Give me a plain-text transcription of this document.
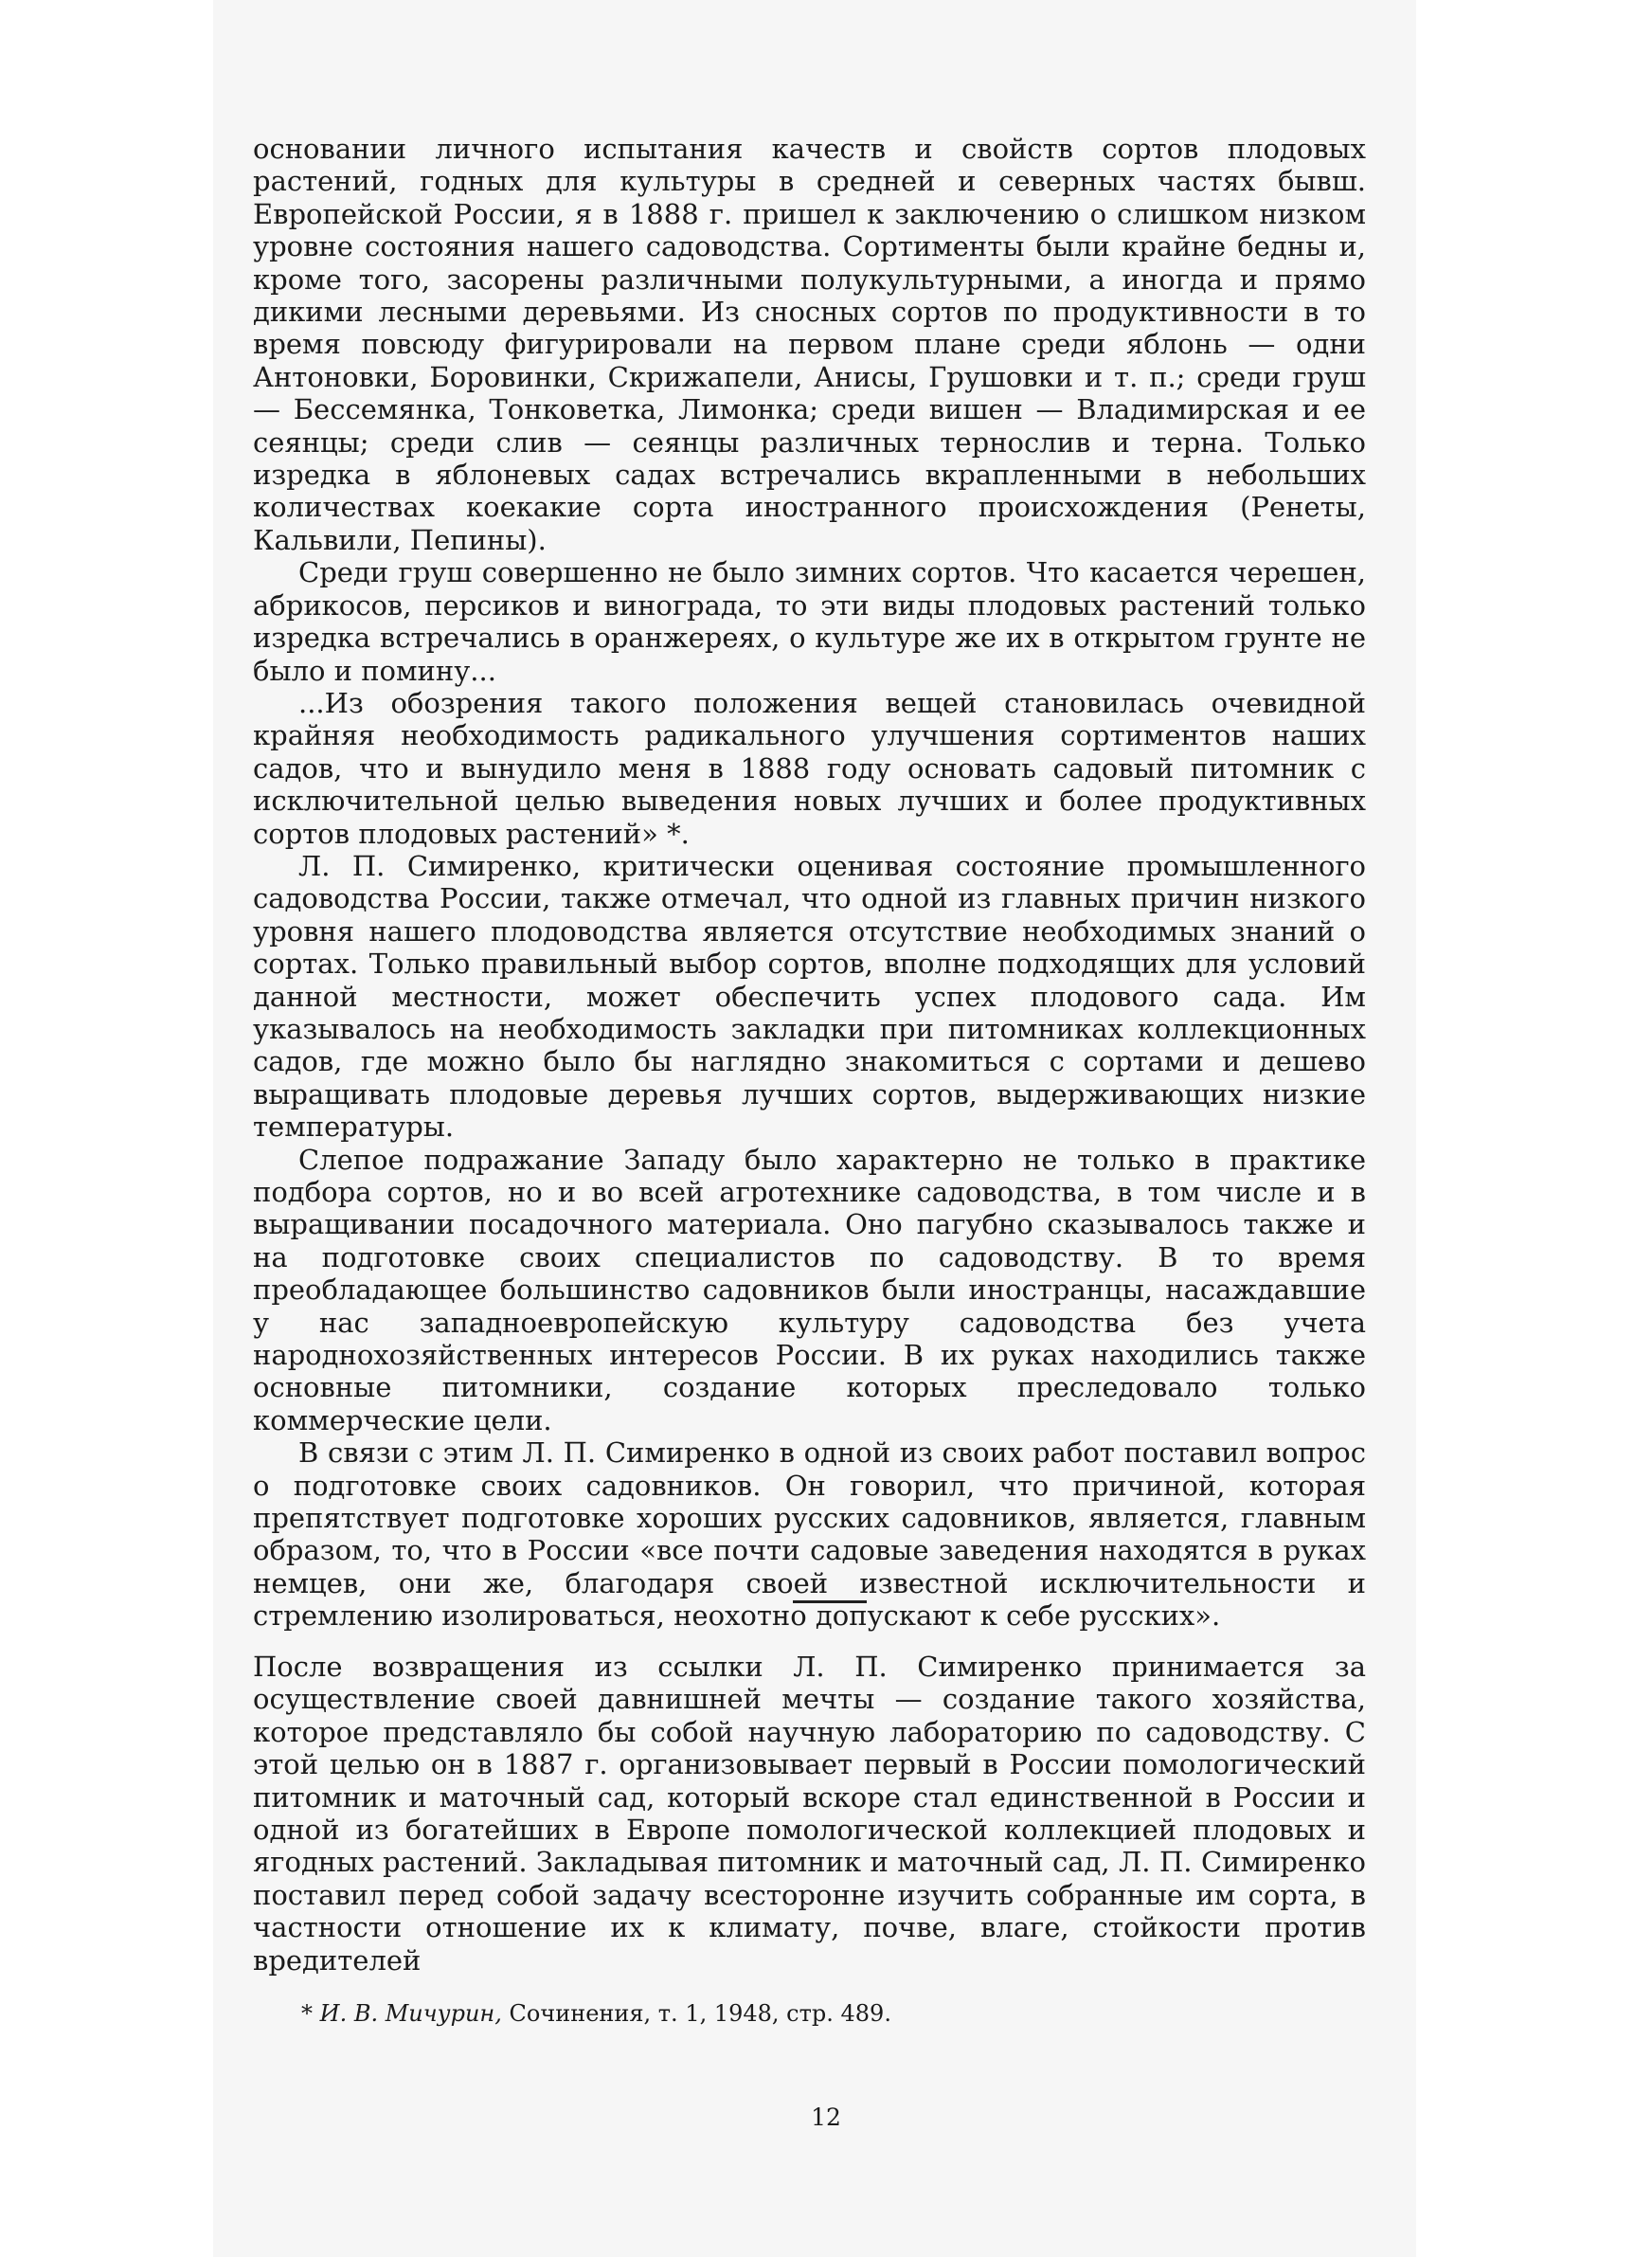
основании личного испытания качеств и свойств сортов плодовых растений, годных для культуры в средней и северных частях бывш. Европейской России, я в 1888 г. пришел к заключению о слишком низком уровне состояния нашего садоводства. Сортименты были крайне бедны и, кроме того, засорены различными полукультурными, а иногда и прямо дикими лесными деревьями. Из сносных сортов по продуктивности в то время повсюду фигурировали на первом плане среди яблонь — одни Антоновки, Боровинки, Скрижапели, Анисы, Грушовки и т. п.; среди груш — Бессемянка, Тонковетка, Лимонка; среди вишен — Владимирская и ее сеянцы; среди слив — сеянцы различных тернослив и терна. Только изредка в яблоневых садах встречались вкрапленными в небольших количествах коекакие сорта иностранного происхождения (Ренеты, Кальвили, Пепины).

Среди груш совершенно не было зимних сортов. Что касается черешен, абрикосов, персиков и винограда, то эти виды плодовых растений только изредка встречались в оранжереях, о культуре же их в открытом грунте не было и помину...

...Из обозрения такого положения вещей становилась очевидной крайняя необходимость радикального улучшения сортиментов наших садов, что и вынудило меня в 1888 году основать садовый питомник с исключительной целью выведения новых лучших и более продуктивных сортов плодовых растений» *.

Л. П. Симиренко, критически оценивая состояние промышленного садоводства России, также отмечал, что одной из главных причин низкого уровня нашего плодоводства является отсутствие необходимых знаний о сортах. Только правильный выбор сортов, вполне подходящих для условий данной местности, может обеспечить успех плодового сада. Им указывалось на необходимость закладки при питомниках коллекционных садов, где можно было бы наглядно знакомиться с сортами и дешево выращивать плодовые деревья лучших сортов, выдерживающих низкие температуры.

Слепое подражание Западу было характерно не только в практике подбора сортов, но и во всей агротехнике садоводства, в том числе и в выращивании посадочного материала. Оно пагубно сказывалось также и на подготовке своих специалистов по садоводству. В то время преобладающее большинство садовников были иностранцы, насаждавшие у нас западноевропейскую культуру садоводства без учета народнохозяйственных интересов России. В их руках находились также основные питомники, создание которых преследовало только коммерческие цели.

В связи с этим Л. П. Симиренко в одной из своих работ поставил вопрос о подготовке своих садовников. Он говорил, что причиной, которая препятствует подготовке хороших русских садовников, является, главным образом, то, что в России «все почти садовые заведения находятся в руках немцев, они же, благодаря своей известной исключительности и стремлению изолироваться, неохотно допускают к себе русских».

После возвращения из ссылки Л. П. Симиренко принимается за осуществление своей давнишней мечты — создание такого хозяйства, которое представляло бы собой научную лабораторию по садоводству. С этой целью он в 1887 г. организовывает первый в России помологический питомник и маточный сад, который вскоре стал единственной в России и одной из богатейших в Европе помологической коллекцией плодовых и ягодных растений. Закладывая питомник и маточный сад, Л. П. Симиренко поставил перед собой задачу всесторонне изучить собранные им сорта, в частности отношение их к климату, почве, влаге, стойкости против вредителей

* И. В. Мичурин, Сочинения, т. 1, 1948, стр. 489.

12
